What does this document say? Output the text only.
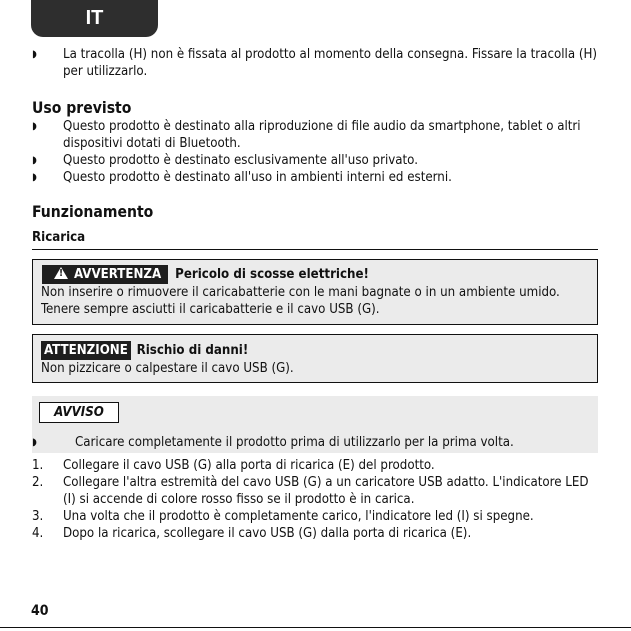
IT
◗ La tracolla (H) non è fissata al prodotto al momento della consegna. Fissare la tracolla (H) per utilizzarlo.
Uso previsto
◗ Questo prodotto è destinato alla riproduzione di file audio da smartphone, tablet o altri dispositivi dotati di Bluetooth.
◗ Questo prodotto è destinato esclusivamente all'uso privato.
◗ Questo prodotto è destinato all'uso in ambienti interni ed esterni.
Funzionamento
Ricarica
!AVVERTENZA Pericolo di scosse elettriche!
Non inserire o rimuovere il caricabatterie con le mani bagnate o in un ambiente umido.
Tenere sempre asciutti il caricabatterie e il cavo USB (G).
ATTENZIONE Rischio di danni!
Non pizzicare o calpestare il cavo USB (G).
AVVISO
◗	Caricare completamente il prodotto prima di utilizzarlo per la prima volta.
1. Collegare il cavo USB (G) alla porta di ricarica (E) del prodotto.
2. Collegare l'altra estremità del cavo USB (G) a un caricatore USB adatto. L'indicatore LED (I) si accende di colore rosso fisso se il prodotto è in carica.
3. Una volta che il prodotto è completamente carico, l'indicatore led (I) si spegne.
4. Dopo la ricarica, scollegare il cavo USB (G) dalla porta di ricarica (E).
40
